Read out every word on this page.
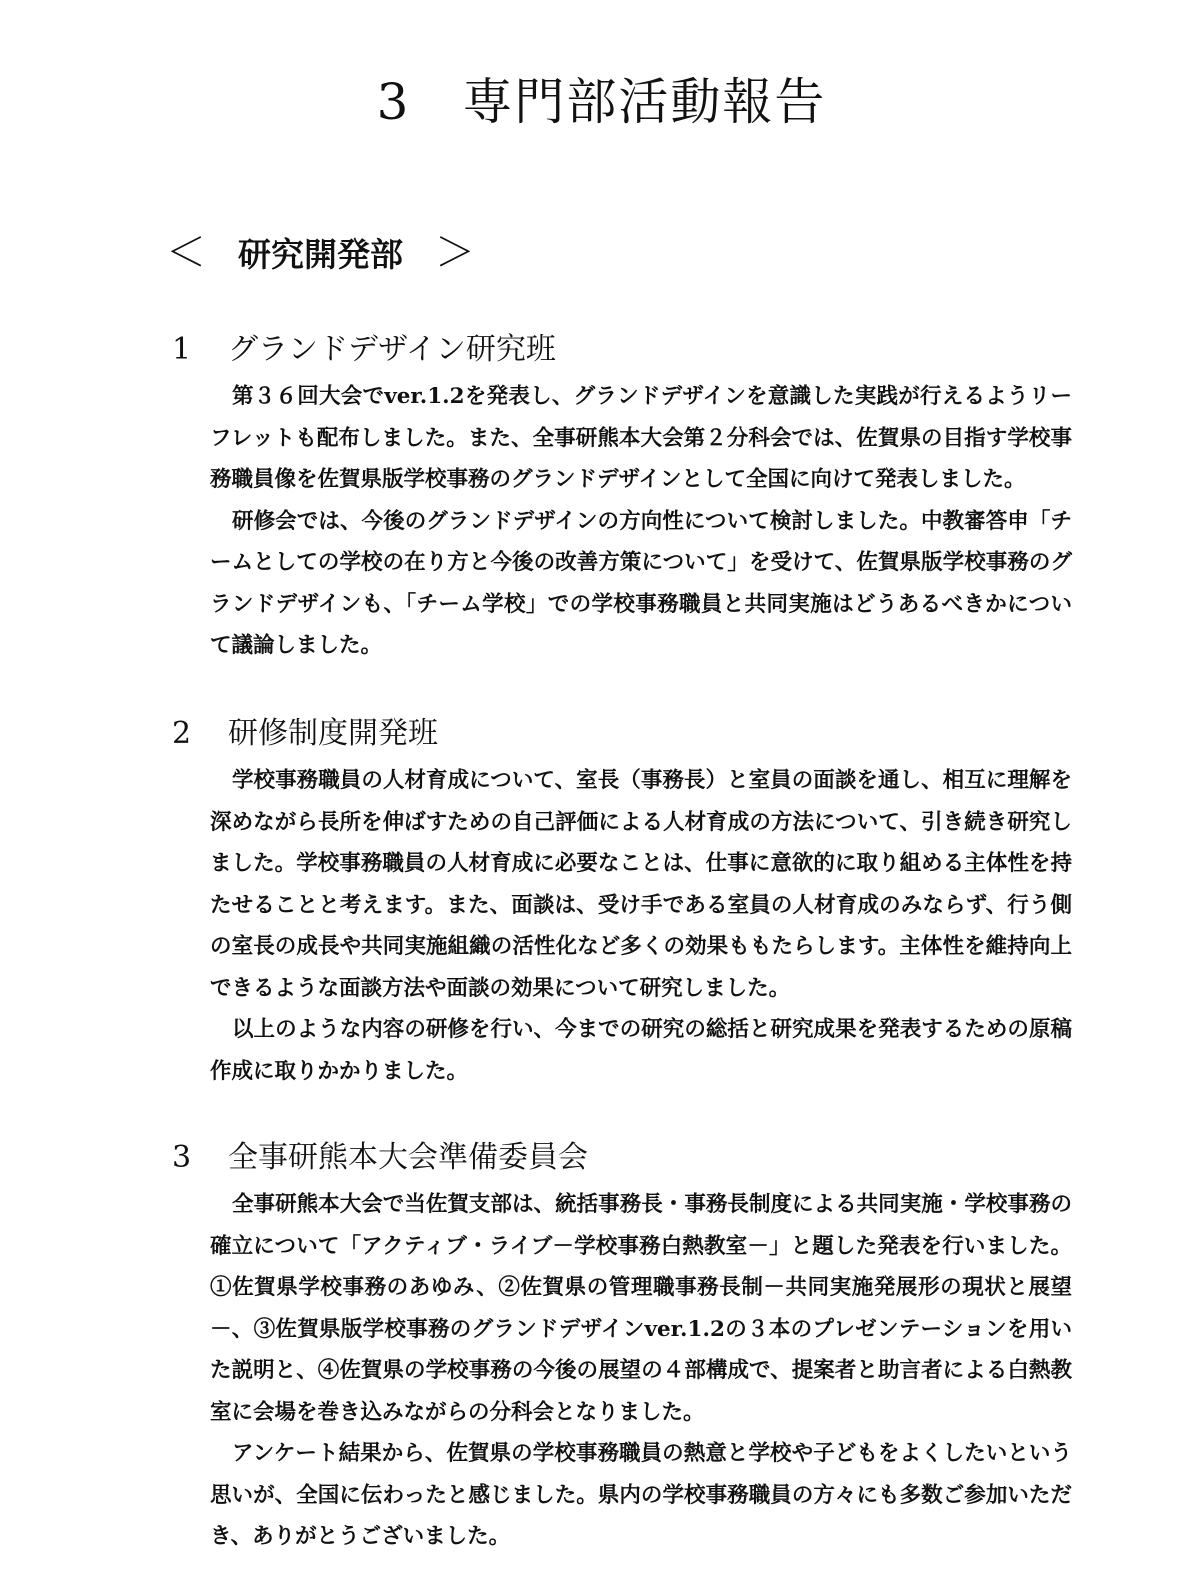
3 専門部活動報告
＜ 研究開発部 ＞
1 グランドデザイン研究班

第３６回大会でver.1.2を発表し、グランドデザインを意識した実践が行えるようリーフレットも配布しました。また、全事研熊本大会第２分科会では、佐賀県の目指す学校事務職員像を佐賀県版学校事務のグランドデザインとして全国に向けて発表しました。

研修会では、今後のグランドデザインの方向性について検討しました。中教審答申「チームとしての学校の在り方と今後の改善方策について」を受けて、佐賀県版学校事務のグランドデザインも、「チーム学校」での学校事務職員と共同実施はどうあるべきかについて議論しました。

2 研修制度開発班

学校事務職員の人材育成について、室長（事務長）と室員の面談を通し、相互に理解を深めながら長所を伸ばすための自己評価による人材育成の方法について、引き続き研究しました。学校事務職員の人材育成に必要なことは、仕事に意欲的に取り組める主体性を持たせることと考えます。また、面談は、受け手である室員の人材育成のみならず、行う側の室長の成長や共同実施組織の活性化など多くの効果ももたらします。主体性を維持向上できるような面談方法や面談の効果について研究しました。

以上のような内容の研修を行い、今までの研究の総括と研究成果を発表するための原稿作成に取りかかりました。

3 全事研熊本大会準備委員会

全事研熊本大会で当佐賀支部は、統括事務長・事務長制度による共同実施・学校事務の確立について「アクティブ・ライブ－学校事務白熱教室－」と題した発表を行いました。①佐賀県学校事務のあゆみ、②佐賀県の管理職事務長制－共同実施発展形の現状と展望－、③佐賀県版学校事務のグランドデザインver.1.2の３本のプレゼンテーションを用いた説明と、④佐賀県の学校事務の今後の展望の４部構成で、提案者と助言者による白熱教室に会場を巻き込みながらの分科会となりました。

アンケート結果から、佐賀県の学校事務職員の熱意と学校や子どもをよくしたいという思いが、全国に伝わったと感じました。県内の学校事務職員の方々にも多数ご参加いただき、ありがとうございました。
